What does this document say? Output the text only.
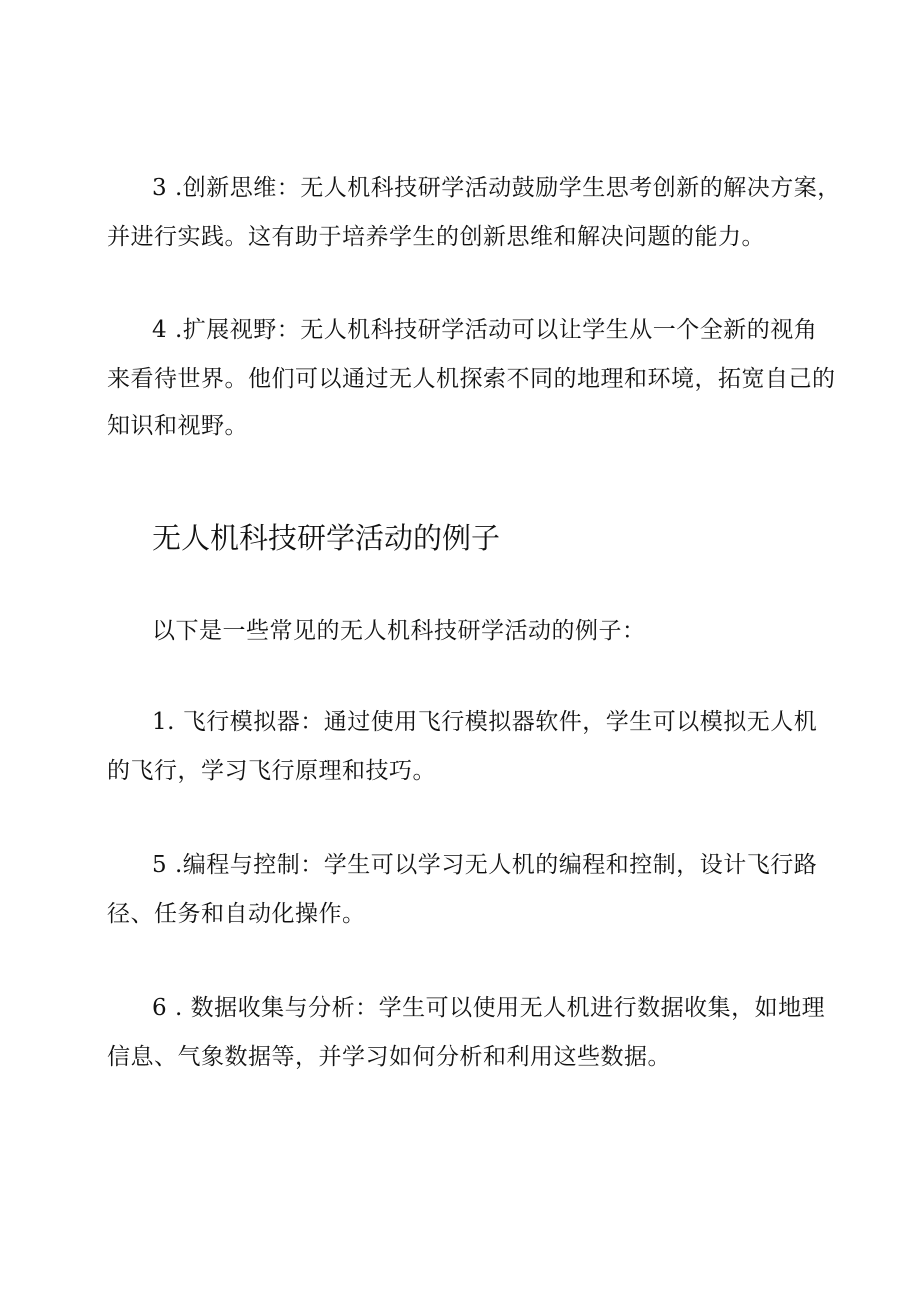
3 .创新思维：无人机科技研学活动鼓励学生思考创新的解决方案，
并进行实践。这有助于培养学生的创新思维和解决问题的能力。
4 .扩展视野：无人机科技研学活动可以让学生从一个全新的视角
来看待世界。他们可以通过无人机探索不同的地理和环境，拓宽自己的
知识和视野。
无人机科技研学活动的例子
以下是一些常见的无人机科技研学活动的例子：
1. 飞行模拟器：通过使用飞行模拟器软件，学生可以模拟无人机
的飞行，学习飞行原理和技巧。
5 .编程与控制：学生可以学习无人机的编程和控制，设计飞行路
径、任务和自动化操作。
6 . 数据收集与分析：学生可以使用无人机进行数据收集，如地理
信息、气象数据等，并学习如何分析和利用这些数据。
